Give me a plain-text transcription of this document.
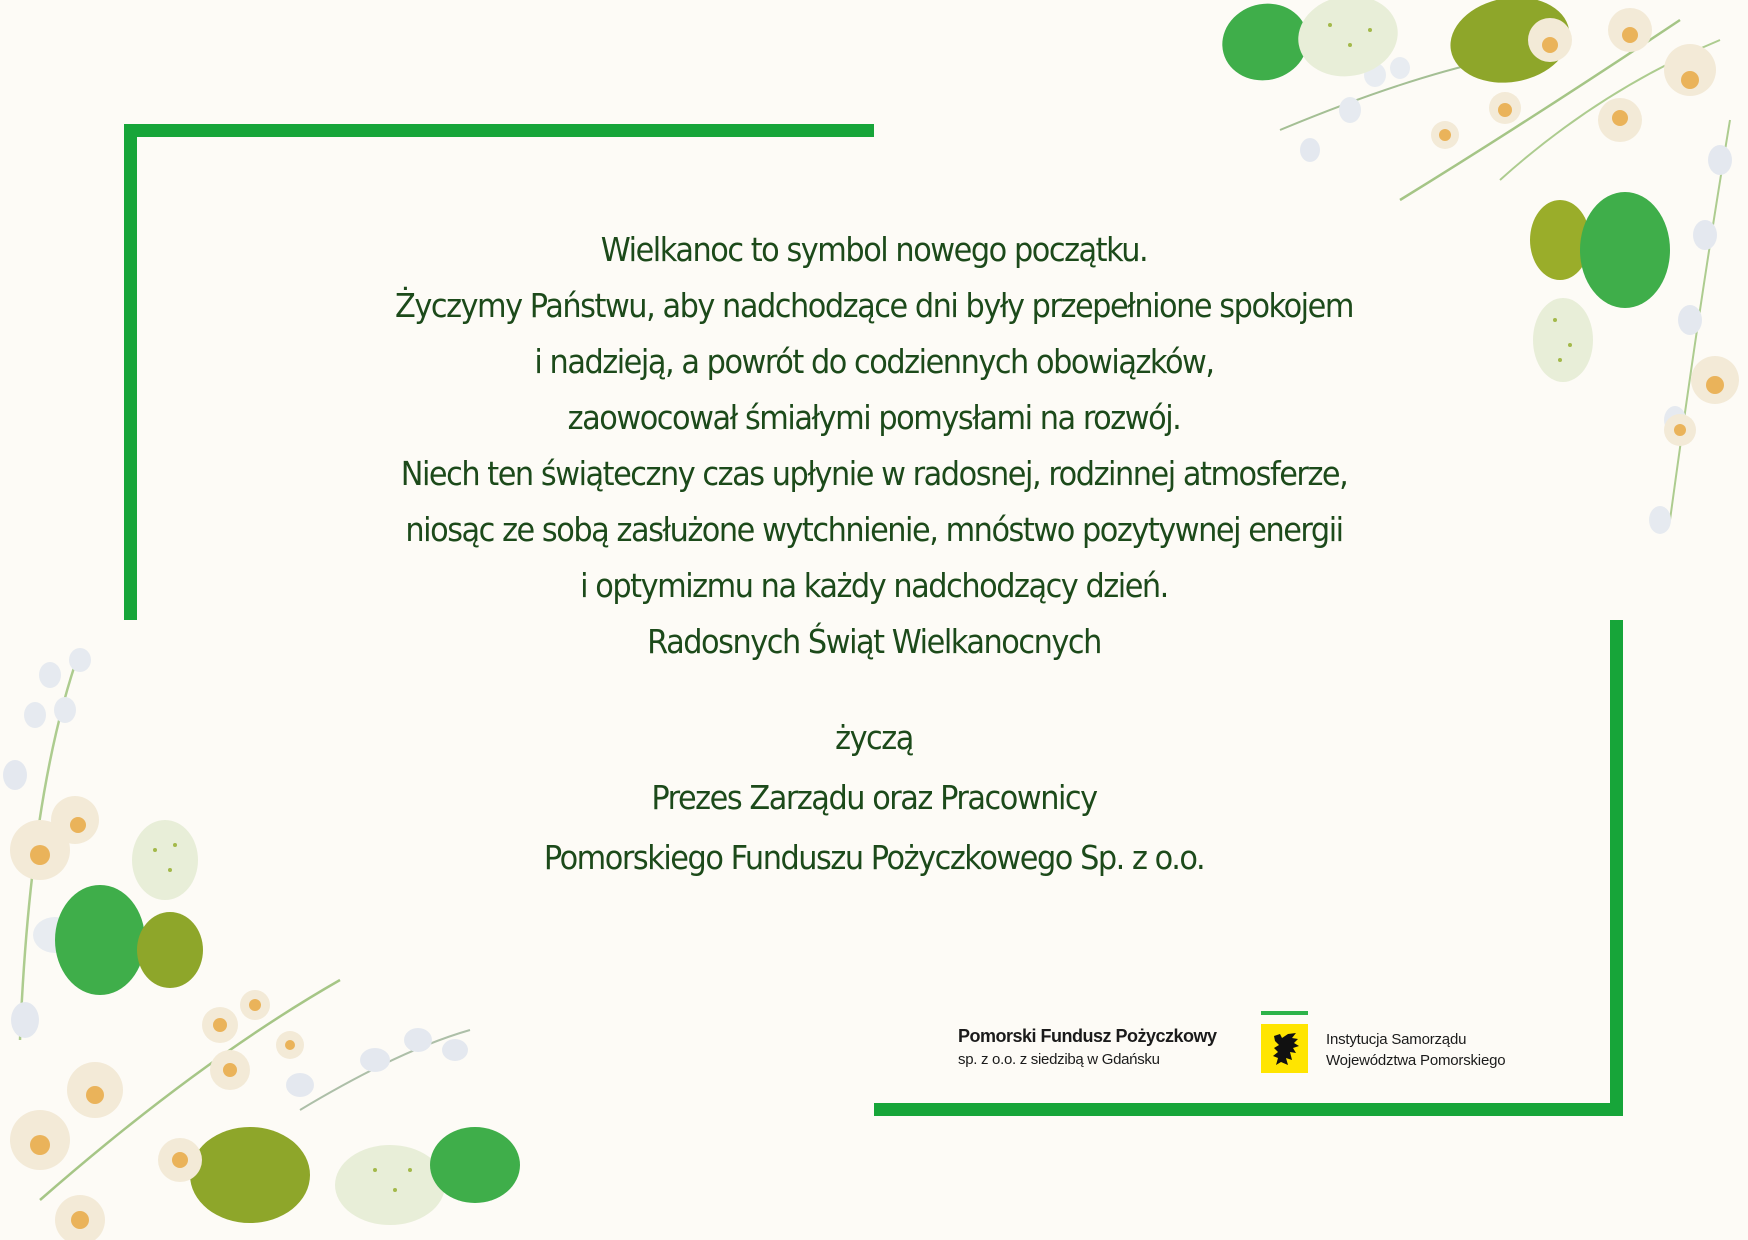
Wielkanoc to symbol nowego początku.
Życzymy Państwu, aby nadchodzące dni były przepełnione spokojem
i nadzieją, a powrót do codziennych obowiązków,
zaowocował śmiałymi pomysłami na rozwój.
Niech ten świąteczny czas upłynie w radosnej, rodzinnej atmosferze,
niosąc ze sobą zasłużone wytchnienie, mnóstwo pozytywnej energii
i optymizmu na każdy nadchodzący dzień.
Radosnych Świąt Wielkanocnych
życzą
Prezes Zarządu oraz Pracownicy
Pomorskiego Funduszu Pożyczkowego Sp. z o.o.
Pomorski Fundusz Pożyczkowy
sp. z o.o. z siedzibą w Gdańsku
Instytucja Samorządu
Województwa Pomorskiego
